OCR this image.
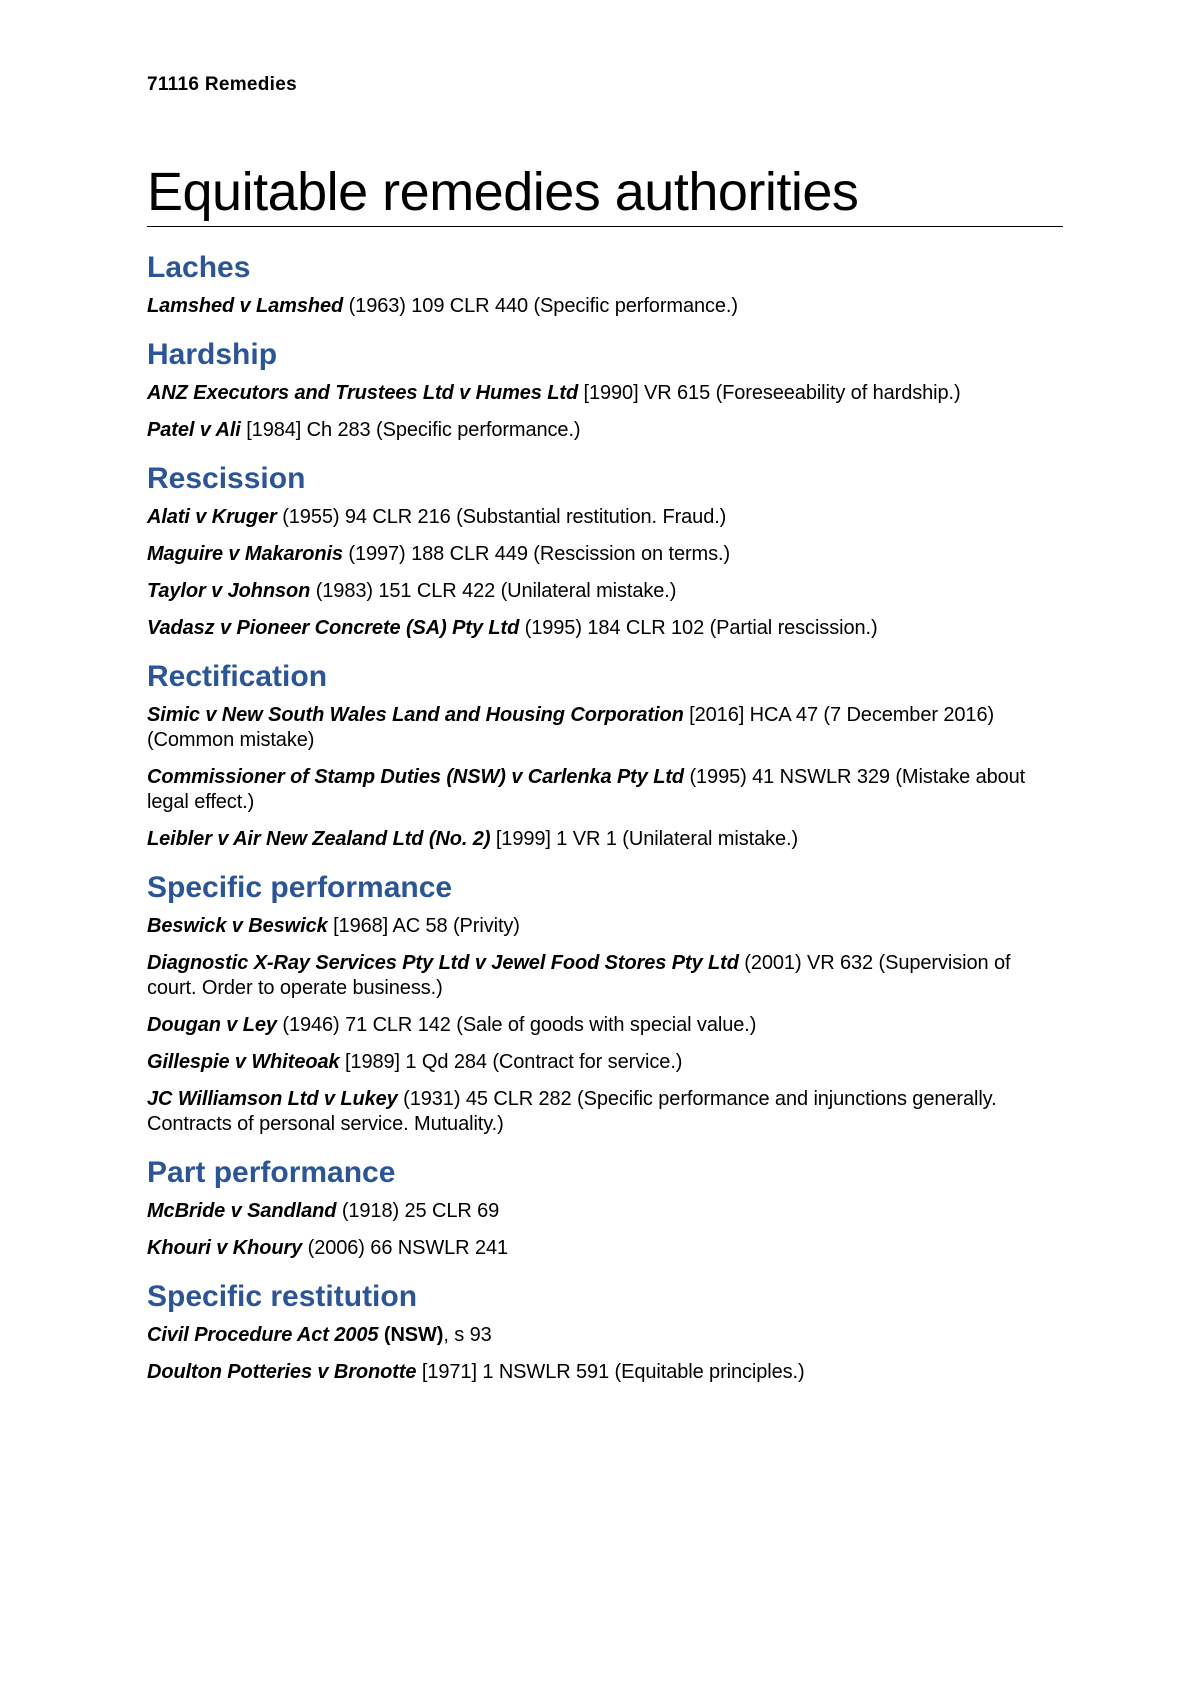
71116 Remedies

Equitable remedies authorities
Laches
Lamshed v Lamshed (1963) 109 CLR 440 (Specific performance.)
Hardship
ANZ Executors and Trustees Ltd v Humes Ltd [1990] VR 615 (Foreseeability of hardship.)
Patel v Ali [1984] Ch 283 (Specific performance.)
Rescission
Alati v Kruger (1955) 94 CLR 216 (Substantial restitution. Fraud.)
Maguire v Makaronis (1997) 188 CLR 449 (Rescission on terms.)
Taylor v Johnson (1983) 151 CLR 422 (Unilateral mistake.)
Vadasz v Pioneer Concrete (SA) Pty Ltd (1995) 184 CLR 102 (Partial rescission.)
Rectification
Simic v New South Wales Land and Housing Corporation [2016] HCA 47 (7 December 2016) (Common mistake)
Commissioner of Stamp Duties (NSW) v Carlenka Pty Ltd (1995) 41 NSWLR 329 (Mistake about legal effect.)
Leibler v Air New Zealand Ltd (No. 2) [1999] 1 VR 1 (Unilateral mistake.)
Specific performance
Beswick v Beswick [1968] AC 58 (Privity)
Diagnostic X-Ray Services Pty Ltd v Jewel Food Stores Pty Ltd (2001) VR 632 (Supervision of court. Order to operate business.)
Dougan v Ley (1946) 71 CLR 142 (Sale of goods with special value.)
Gillespie v Whiteoak [1989] 1 Qd 284 (Contract for service.)
JC Williamson Ltd v Lukey (1931) 45 CLR 282 (Specific performance and injunctions generally. Contracts of personal service. Mutuality.)
Part performance
McBride v Sandland (1918) 25 CLR 69
Khouri v Khoury (2006) 66 NSWLR 241
Specific restitution
Civil Procedure Act 2005 (NSW), s 93
Doulton Potteries v Bronotte [1971] 1 NSWLR 591 (Equitable principles.)
